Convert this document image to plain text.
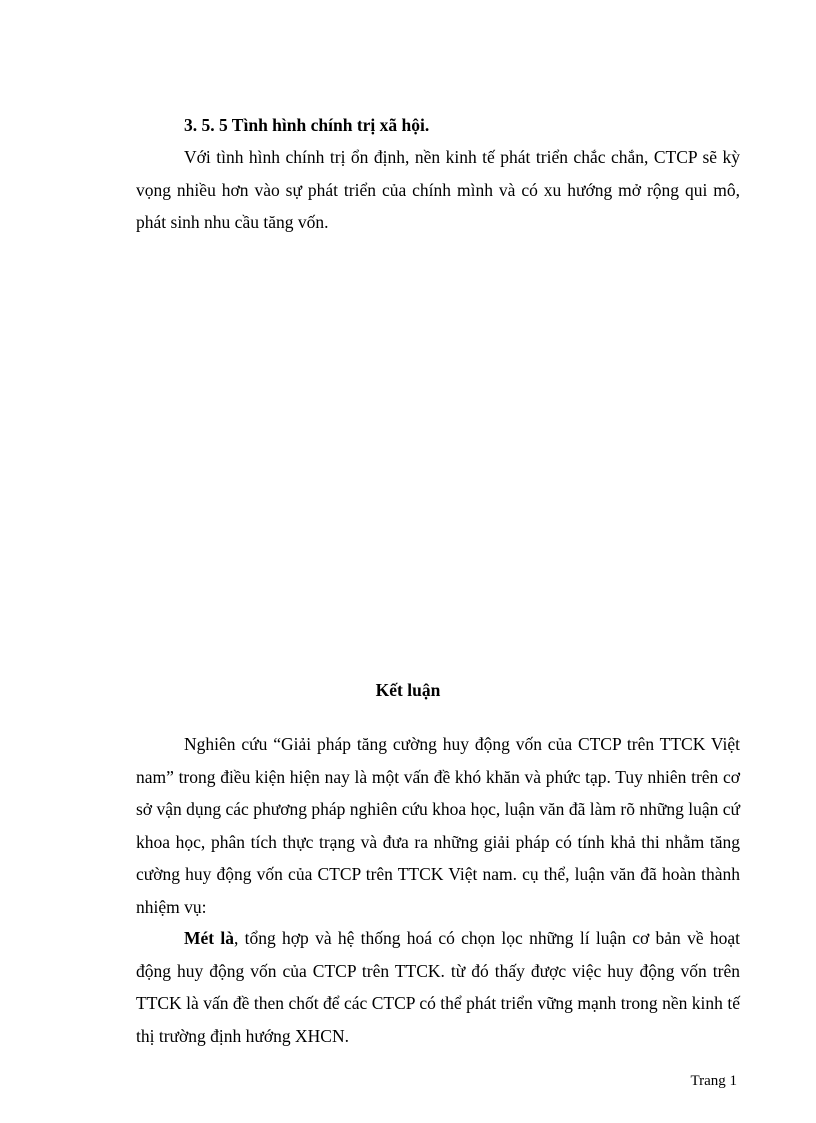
3. 5. 5 Tình hình chính trị xã hội.

Với tình hình chính trị ổn định, nền kinh tế phát triển chắc chắn, CTCP sẽ kỳ vọng nhiều hơn vào sự phát triển của chính mình và có xu hướng mở rộng qui mô, phát sinh nhu cầu tăng vốn.

Kết luận

Nghiên cứu “Giải pháp tăng cường huy động vốn của CTCP trên TTCK Việt nam” trong điều kiện hiện nay là một vấn đề khó khăn và phức tạp. Tuy nhiên trên cơ sở vận dụng các phương pháp nghiên cứu khoa học, luận văn đã làm rõ những luận cứ khoa học, phân tích thực trạng và đưa ra những giải pháp có tính khả thi nhằm tăng cường huy động vốn của CTCP trên TTCK Việt nam. cụ thể, luận văn đã hoàn thành nhiệm vụ:

Mét là, tổng hợp và hệ thống hoá có chọn lọc những lí luận cơ bản về hoạt động huy động vốn của CTCP trên TTCK. từ đó thấy được việc huy động vốn trên TTCK là vấn đề then chốt để các CTCP có thể phát triển vững mạnh trong nền kinh tế thị trường định hướng XHCN.

Trang 1
